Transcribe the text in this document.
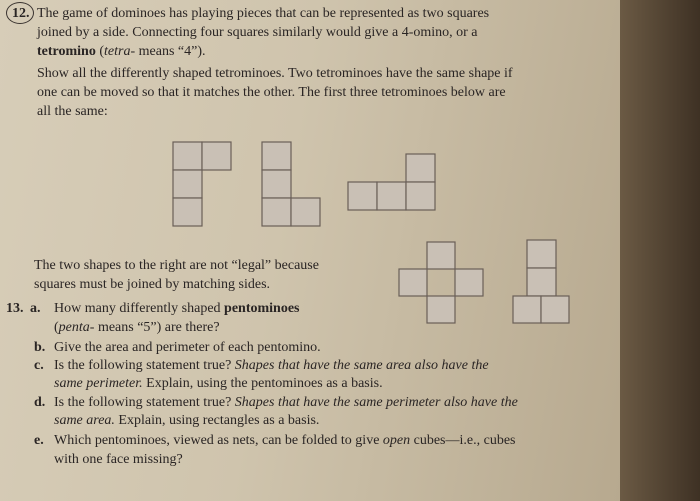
12. The game of dominoes has playing pieces that can be represented as two squares
joined by a side. Connecting four squares similarly would give a 4-omino, or a
tetromino (tetra- means “4”).
Show all the differently shaped tetrominoes. Two tetrominoes have the same shape if
one can be moved so that it matches the other. The first three tetrominoes below are
all the same:
The two shapes to the right are not “legal” because
squares must be joined by matching sides.
13. a. How many differently shaped pentominoes
(penta- means “5”) are there?
b. Give the area and perimeter of each pentomino.
c. Is the following statement true? Shapes that have the same area also have the
same perimeter. Explain, using the pentominoes as a basis.
d. Is the following statement true? Shapes that have the same perimeter also have the
same area. Explain, using rectangles as a basis.
e. Which pentominoes, viewed as nets, can be folded to give open cubes—i.e., cubes
with one face missing?
